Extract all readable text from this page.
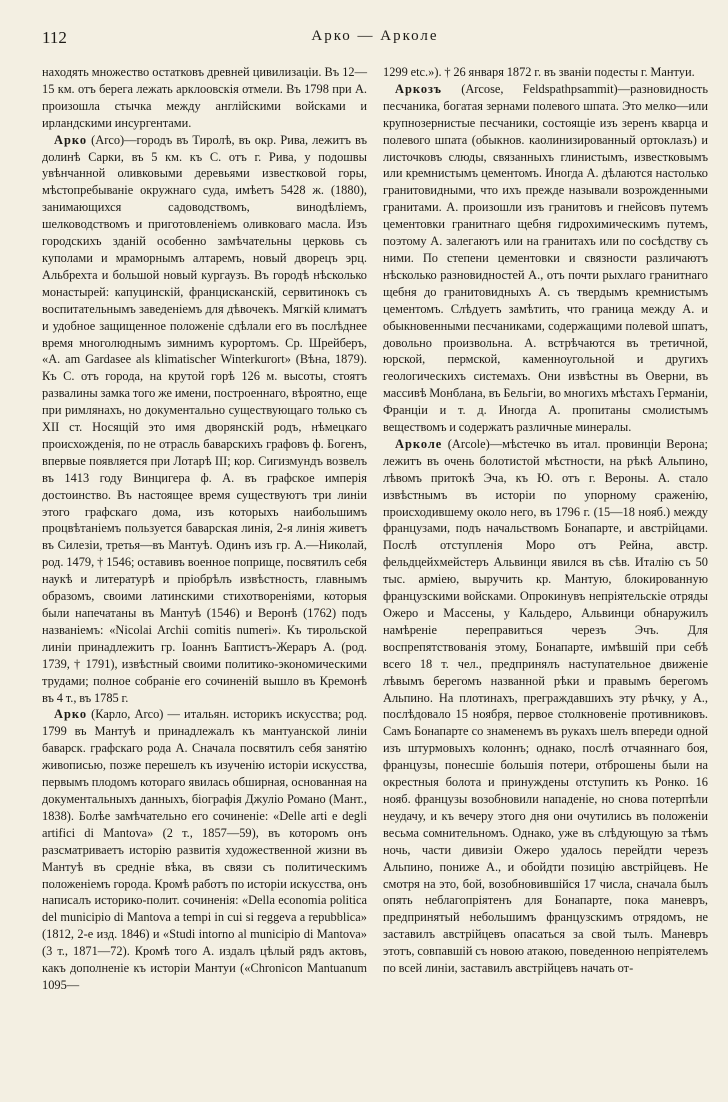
112	Арко — Арколе

находять множество остатковъ древней цивилизаціи. Въ 12—15 км. отъ берега лежать арклоовскія отмели. Въ 1798 при А. произошла стычка между англійскими войсками и ирландскими инсургентами.

Арко (Arco)—городъ въ Тиролѣ, въ окр. Рива, лежитъ въ долинѣ Сарки, въ 5 км. къ С. отъ г. Рива, у подошвы увѣнчанной оливковыми деревьями известковой горы, мѣстопребываніе окружнаго суда, имѣетъ 5428 ж. (1880), занимающихся садоводствомъ, винодѣліемъ, шелководствомъ и приготовленіемъ оливковаго масла. Изъ городскихъ зданій особенно замѣчательны церковь съ куполами и мраморнымъ алтаремъ, новый дворецъ эрц. Альбрехта и большой новый кургаузъ. Въ городѣ нѣсколько монастырей: капуцинскій, францисканскій, сервитинокъ съ воспитательнымъ заведеніемъ для дѣвочекъ. Мягкій климатъ и удобное защищенное положеніе сдѣлали его въ послѣднее время многолюднымъ зимнимъ курортомъ. Ср. Шрейберъ, «A. am Gardasee als klimatischer Winterkurort» (Вѣна, 1879). Къ С. отъ города, на крутой горѣ 126 м. высоты, стоятъ развалины замка того же имени, построеннаго, вѣроятно, еще при римлянахъ, но документально существующаго только съ XII ст. Носящій это имя дворянскій родъ, нѣмецкаго происхожденія, по не отрасль баварскихъ графовъ ф. Богенъ, впервые появляется при Лотарѣ III; кор. Сигизмундъ возвелъ въ 1413 году Винцигера ф. А. въ графское имперія достоинство. Въ настоящее время существуютъ три линіи этого графскаго дома, изъ которыхъ наибольшимъ процвѣтаніемъ пользуется баварская линія, 2-я линія живетъ въ Силезіи, третья—въ Мантуѣ. Одинъ изъ гр. А.—Николай, род. 1479, † 1546; оставивъ военное поприще, посвятилъ себя наукѣ и литературѣ и пріобрѣлъ извѣстность, главнымъ образомъ, своими латинскими стихотвореніями, которыя были напечатаны въ Мантуѣ (1546) и Веронѣ (1762) подъ названіемъ: «Nicolai Archii comitis numeri». Къ тирольской линіи принадлежитъ гр. Іоаннъ Баптистъ-Жераръ А. (род. 1739, † 1791), извѣстный своими политико-экономическими трудами; полное собраніе его сочиненій вышло въ Кремонѣ въ 4 т., въ 1785 г.

Арко (Карло, Arco) — итальян. историкъ искусства; род. 1799 въ Мантуѣ и принадлежалъ къ мантуанской линіи баварск. графскаго рода А. Сначала посвятилъ себя занятію живописью, позже перешелъ къ изученію исторіи искусства, первымъ плодомъ котораго явилась обширная, основанная на документальныхъ данныхъ, біографія Джуліо Романо (Мант., 1838). Болѣе замѣчательно его сочиненіе: «Delle arti e degli artifici di Mantova» (2 т., 1857—59), въ которомъ онъ разсматриваетъ исторію развитія художественной жизни въ Мантуѣ въ средніе вѣка, въ связи съ политическимъ положеніемъ города. Кромѣ работъ по исторіи искусства, онъ написалъ историко-полит. сочиненія: «Della economia politica del municipio di Mantova a tempi in cui si reggeva a repubblica» (1812, 2-е изд. 1846) и «Studi intorno al municipio di Mantova» (3 т., 1871—72). Кромѣ того А. издалъ цѣлый рядъ актовъ, какъ дополненіе къ исторіи Мантуи («Chronicon Mantuanum 1095—

1299 etc.»). † 26 января 1872 г. въ званіи подесты г. Мантуи.

Аркозъ (Arcose, Feldspathpsammit)—разновидность песчаника, богатая зернами полевого шпата. Это мелко—или крупнозернистые песчаники, состоящіе изъ зеренъ кварца и полевого шпата (обыкнов. каолинизированный ортоклазъ) и листочковъ слюды, связанныхъ глинистымъ, известковымъ или кремнистымъ цементомъ. Иногда А. дѣлаются настолько гранитовидными, что ихъ прежде называли возрожденными гранитами. А. произошли изъ гранитовъ и гнейсовъ путемъ цементовки гранитнаго щебня гидрохимическимъ путемъ, поэтому А. залегаютъ или на гранитахъ или по сосѣдству съ ними. По степени цементовки и связности различаютъ нѣсколько разновидностей А., отъ почти рыхлаго гранитнаго щебня до гранитовидныхъ А. съ твердымъ кремнистымъ цементомъ. Слѣдуетъ замѣтить, что граница между А. и обыкновенными песчаниками, содержащими полевой шпатъ, довольно произвольна. А. встрѣчаются въ третичной, юрской, пермской, каменноугольной и другихъ геологическихъ системахъ. Они извѣстны въ Оверни, въ массивѣ Монблана, въ Бельгіи, во многихъ мѣстахъ Германіи, Франціи и т. д. Иногда А. пропитаны смолистымъ веществомъ и содержатъ различные минералы.

Арколе (Arcole)—мѣстечко въ итал. провинціи Верона; лежитъ въ очень болотистой мѣстности, на рѣкѣ Альпино, лѣвомъ притокѣ Эча, къ Ю. отъ г. Вероны. А. стало извѣстнымъ въ исторіи по упорному сраженію, происходившему около него, въ 1796 г. (15—18 нояб.) между французами, подъ начальствомъ Бонапарте, и австрійцами. Послѣ отступленія Моро отъ Рейна, австр. фельдцейхмейстеръ Альвинци явился въ сѣв. Италію съ 50 тыс. арміею, выручить кр. Мантую, блокированную французскими войсками. Опрокинувъ непріятельскіе отряды Ожеро и Массены, у Кальдеро, Альвинци обнаружилъ намѣреніе переправиться черезъ Эчъ. Для воспрепятствованія этому, Бонапарте, имѣвшій при себѣ всего 18 т. чел., предпринялъ наступательное движеніе лѣвымъ берегомъ названной рѣки и правымъ берегомъ Альпино. На плотинахъ, преграждавшихъ эту рѣчку, у А., послѣдовало 15 ноября, первое столкновеніе противниковъ. Самъ Бонапарте со знаменемъ въ рукахъ шелъ впереди одной изъ штурмовыхъ колоннъ; однако, послѣ отчаяннаго боя, французы, понесшіе большія потери, отброшены были на окрестныя болота и принуждены отступить къ Ронко. 16 нояб. французы возобновили нападеніе, но снова потерпѣли неудачу, и къ вечеру этого дня они очутились въ положеніи весьма сомнительномъ. Однако, уже въ слѣдующую за тѣмъ ночь, части дивизіи Ожеро удалось перейдти черезъ Альпино, пониже А., и обойдти позицію австрійцевъ. Не смотря на это, бой, возобновившійся 17 числа, сначала былъ опять неблагопріятенъ для Бонапарте, пока маневръ, предпринятый небольшимъ французскимъ отрядомъ, не заставилъ австрійцевъ опасаться за свой тылъ. Маневръ этотъ, совпавшій съ новою атакою, поведенною непріятелемъ по всей линіи, заставилъ австрійцевъ начать от-
